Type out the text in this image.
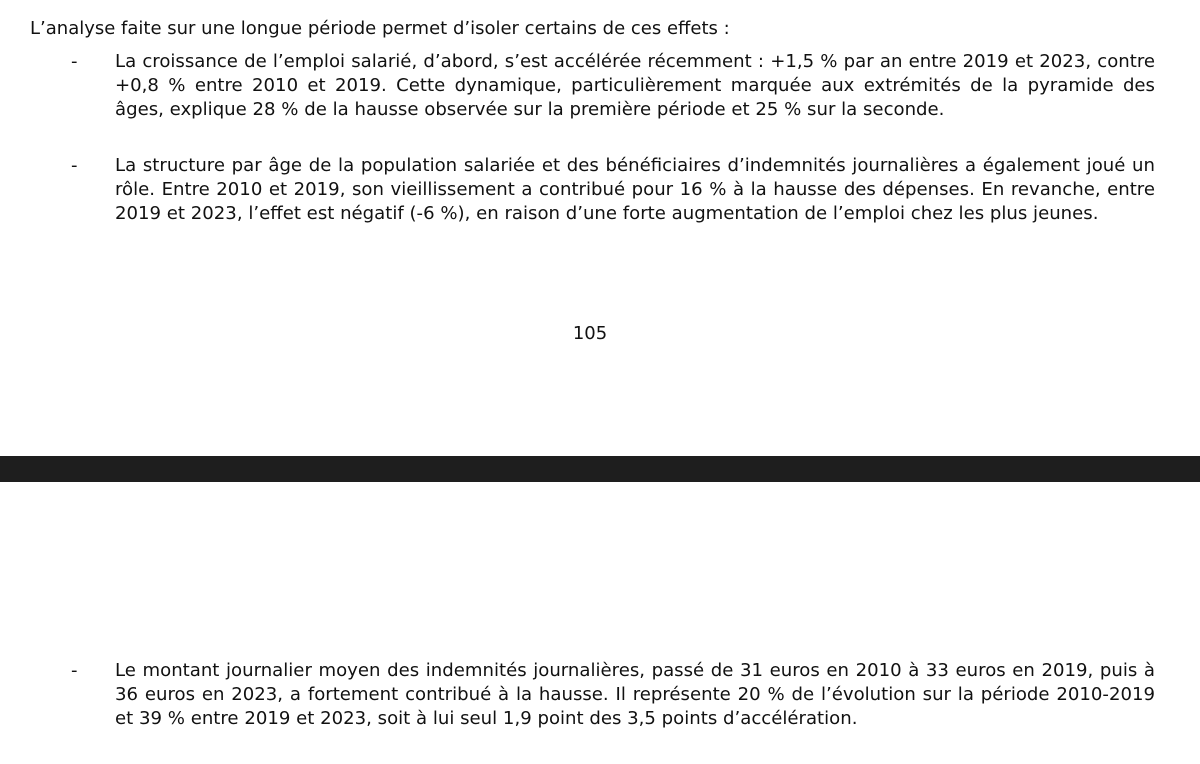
L’analyse faite sur une longue période permet d’isoler certains de ces effets :

- La croissance de l’emploi salarié, d’abord, s’est accélérée récemment : +1,5 % par an entre 2019 et 2023, contre +0,8 % entre 2010 et 2019. Cette dynamique, particulièrement marquée aux extrémités de la pyramide des âges, explique 28 % de la hausse observée sur la première période et 25 % sur la seconde.

- La structure par âge de la population salariée et des bénéficiaires d’indemnités journalières a également joué un rôle. Entre 2010 et 2019, son vieillissement a contribué pour 16 % à la hausse des dépenses. En revanche, entre 2019 et 2023, l’effet est négatif (-6 %), en raison d’une forte augmentation de l’emploi chez les plus jeunes.

105
- Le montant journalier moyen des indemnités journalières, passé de 31 euros en 2010 à 33 euros en 2019, puis à 36 euros en 2023, a fortement contribué à la hausse. Il représente 20 % de l’évolution sur la période 2010-2019 et 39 % entre 2019 et 2023, soit à lui seul 1,9 point des 3,5 points d’accélération.
